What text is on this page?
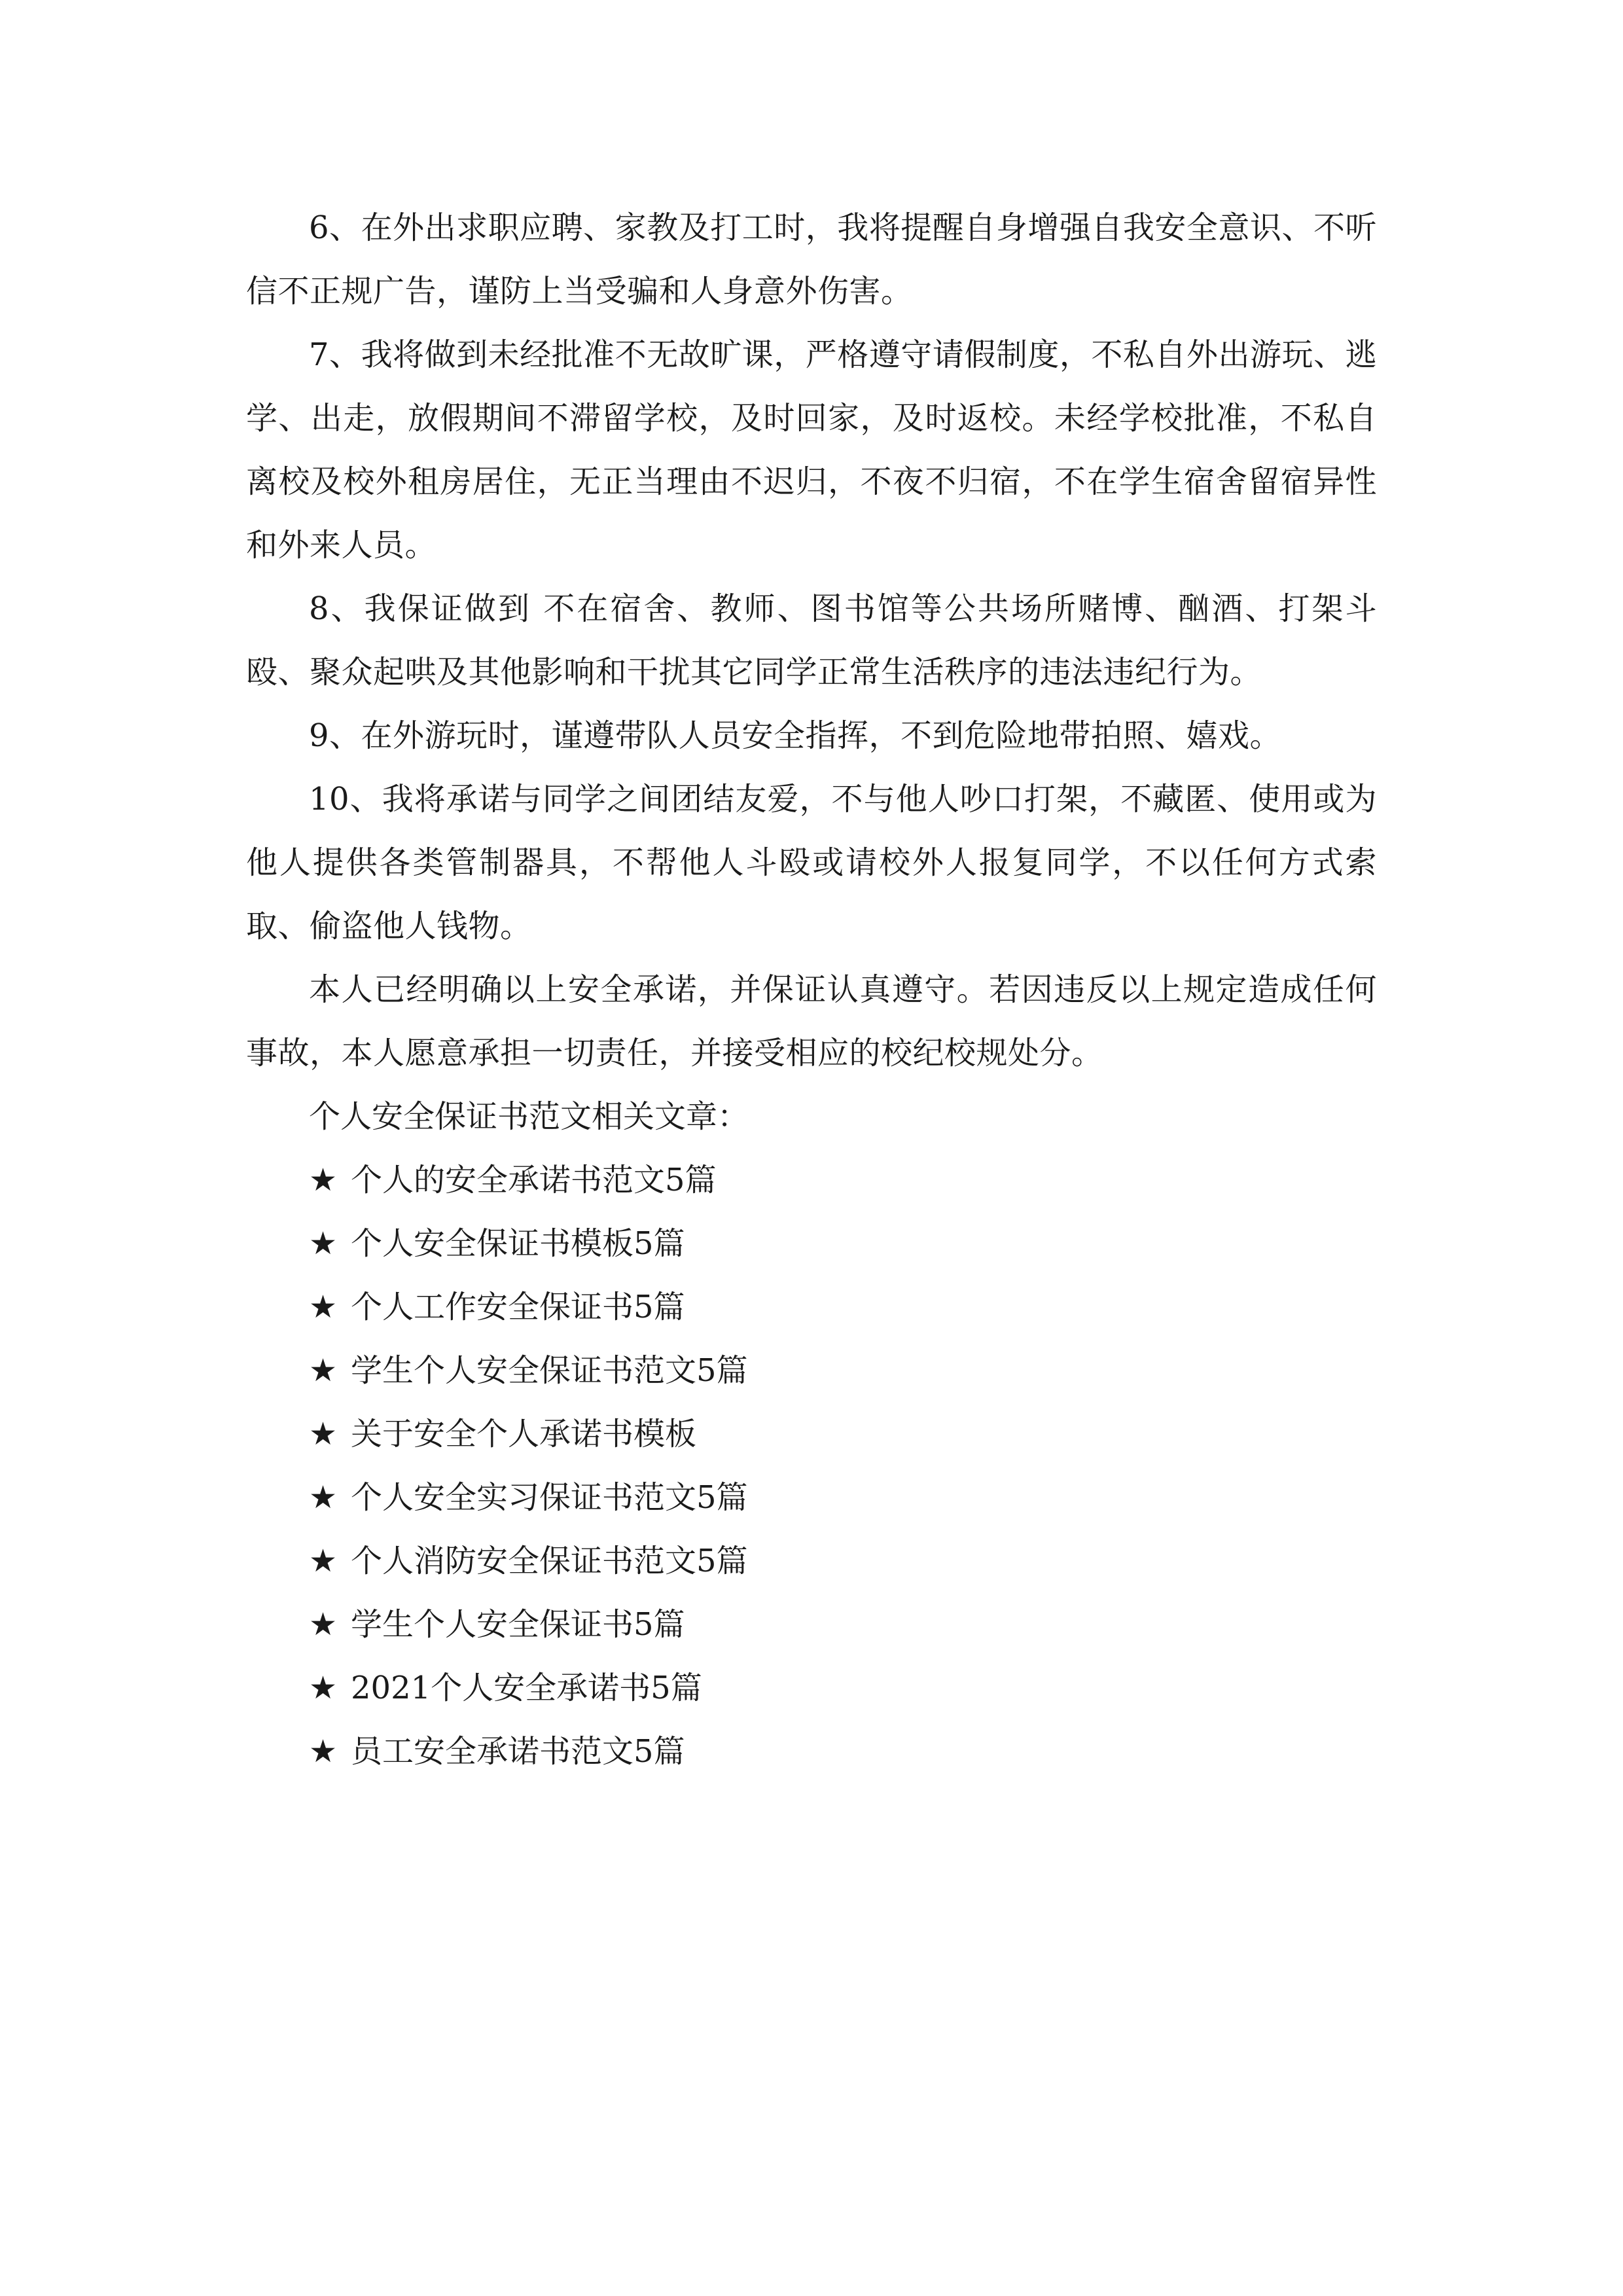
6、在外出求职应聘、家教及打工时，我将提醒自身增强自我安全意识、不听信不正规广告，谨防上当受骗和人身意外伤害。

7、我将做到未经批准不无故旷课，严格遵守请假制度，不私自外出游玩、逃学、出走，放假期间不滞留学校，及时回家，及时返校。未经学校批准，不私自离校及校外租房居住，无正当理由不迟归，不夜不归宿，不在学生宿舍留宿异性和外来人员。

8、我保证做到 不在宿舍、教师、图书馆等公共场所赌博、酗酒、打架斗殴、聚众起哄及其他影响和干扰其它同学正常生活秩序的违法违纪行为。

9、在外游玩时，谨遵带队人员安全指挥，不到危险地带拍照、嬉戏。

10、我将承诺与同学之间团结友爱，不与他人吵口打架，不藏匿、使用或为他人提供各类管制器具，不帮他人斗殴或请校外人报复同学，不以任何方式索取、偷盗他人钱物。

本人已经明确以上安全承诺，并保证认真遵守。若因违反以上规定造成任何事故，本人愿意承担一切责任，并接受相应的校纪校规处分。

个人安全保证书范文相关文章：

★ 个人的安全承诺书范文5篇
★ 个人安全保证书模板5篇
★ 个人工作安全保证书5篇
★ 学生个人安全保证书范文5篇
★ 关于安全个人承诺书模板
★ 个人安全实习保证书范文5篇
★ 个人消防安全保证书范文5篇
★ 学生个人安全保证书5篇
★ 2021个人安全承诺书5篇
★ 员工安全承诺书范文5篇
